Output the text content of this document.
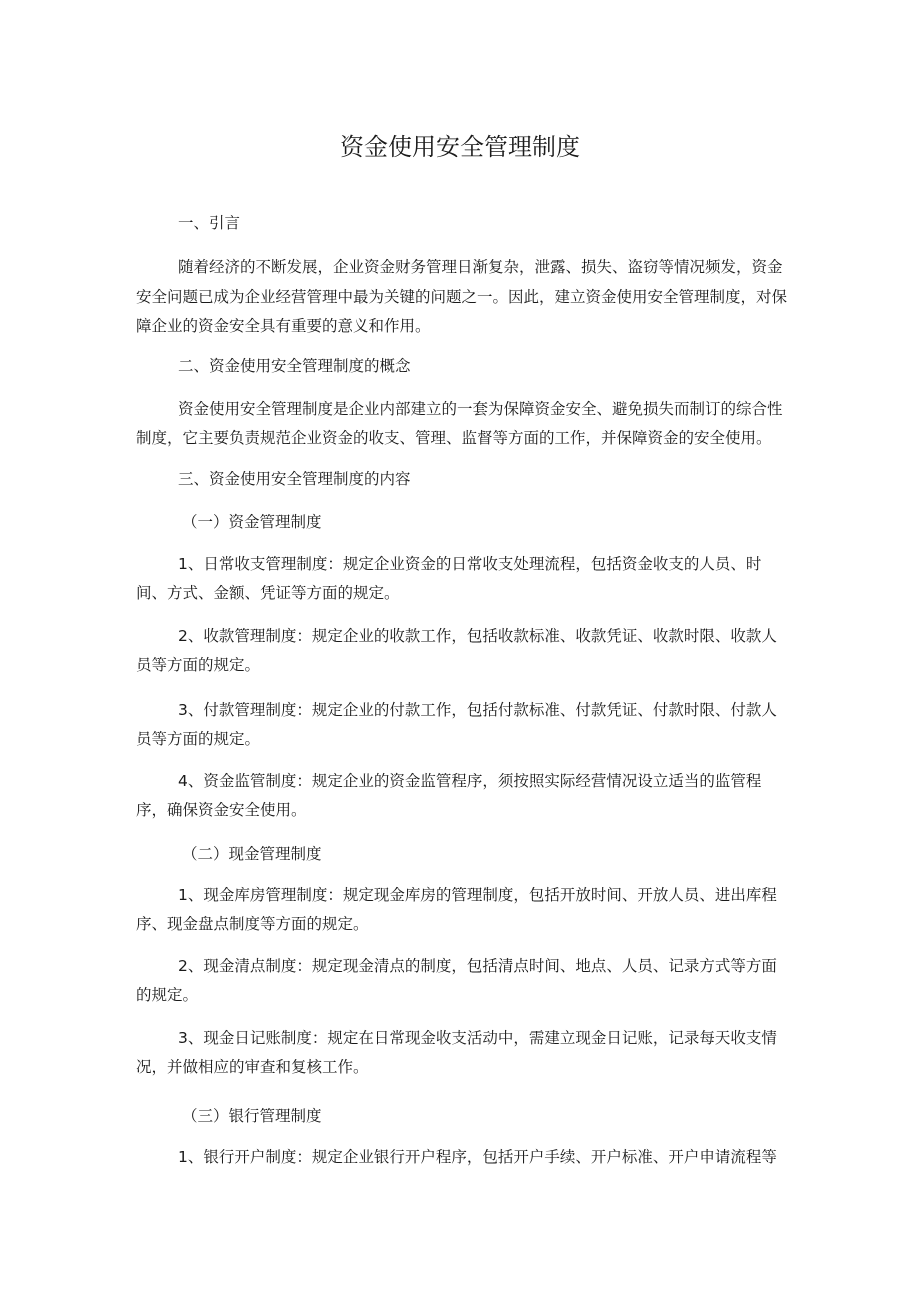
资金使用安全管理制度

一、引言

随着经济的不断发展，企业资金财务管理日渐复杂，泄露、损失、盗窃等情况频发，资金

安全问题已成为企业经营管理中最为关键的问题之一。因此，建立资金使用安全管理制度，对保

障企业的资金安全具有重要的意义和作用。

二、资金使用安全管理制度的概念

资金使用安全管理制度是企业内部建立的一套为保障资金安全、避免损失而制订的综合性

制度，它主要负责规范企业资金的收支、管理、监督等方面的工作，并保障资金的安全使用。

三、资金使用安全管理制度的内容

（一）资金管理制度

1、日常收支管理制度：规定企业资金的日常收支处理流程，包括资金收支的人员、时

间、方式、金额、凭证等方面的规定。

2、收款管理制度：规定企业的收款工作，包括收款标准、收款凭证、收款时限、收款人

员等方面的规定。

3、付款管理制度：规定企业的付款工作，包括付款标准、付款凭证、付款时限、付款人

员等方面的规定。

4、资金监管制度：规定企业的资金监管程序，须按照实际经营情况设立适当的监管程

序，确保资金安全使用。

（二）现金管理制度

1、现金库房管理制度：规定现金库房的管理制度，包括开放时间、开放人员、进出库程

序、现金盘点制度等方面的规定。

2、现金清点制度：规定现金清点的制度，包括清点时间、地点、人员、记录方式等方面

的规定。

3、现金日记账制度：规定在日常现金收支活动中，需建立现金日记账，记录每天收支情

况，并做相应的审查和复核工作。

（三）银行管理制度

1、银行开户制度：规定企业银行开户程序，包括开户手续、开户标准、开户申请流程等
